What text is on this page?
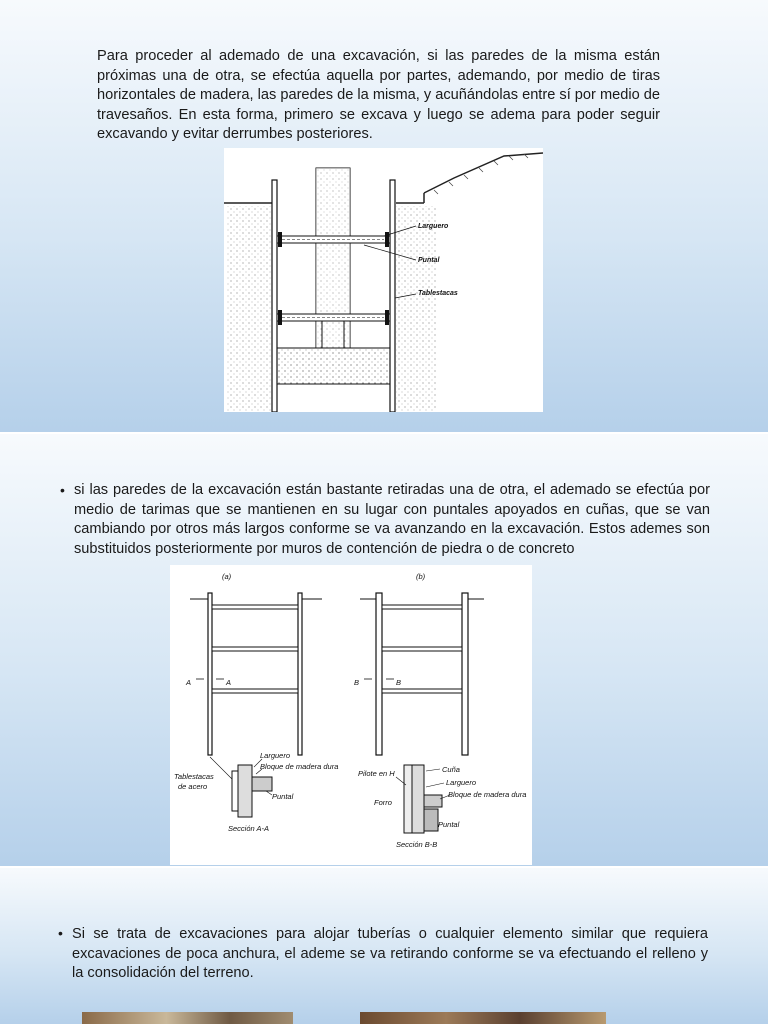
Para proceder al ademado de una excavación, si las paredes de la misma están próximas una de otra, se efectúa aquella por partes, ademando, por medio de tiras horizontales de madera, las paredes de la misma, y acuñándolas entre sí por medio de travesaños. En esta forma, primero se excava y luego se adema para poder seguir excavando y evitar derrumbes posteriores.

Larguero
Puntal
Tablestacas
• si las paredes de la excavación están bastante retiradas una de otra, el ademado se efectúa por medio de tarimas que se mantienen en su lugar con puntales apoyados en cuñas, que se van cambiando por otros más largos conforme se va avanzando en la excavación. Estos ademes son substituidos posteriormente por muros de contención de piedra o de concreto

(a)
A	A
Tablestacas
de acero
Larguero
Bloque de madera dura
Puntal
Sección A-A
(b)
B	B
Pilote en H
Forro
Cuña
Larguero
Bloque de madera dura
Puntal
Sección B-B
• Si se trata de excavaciones para alojar tuberías o cualquier elemento similar que requiera excavaciones de poca anchura, el ademe se va retirando conforme se va efectuando el relleno y la consolidación del terreno.
